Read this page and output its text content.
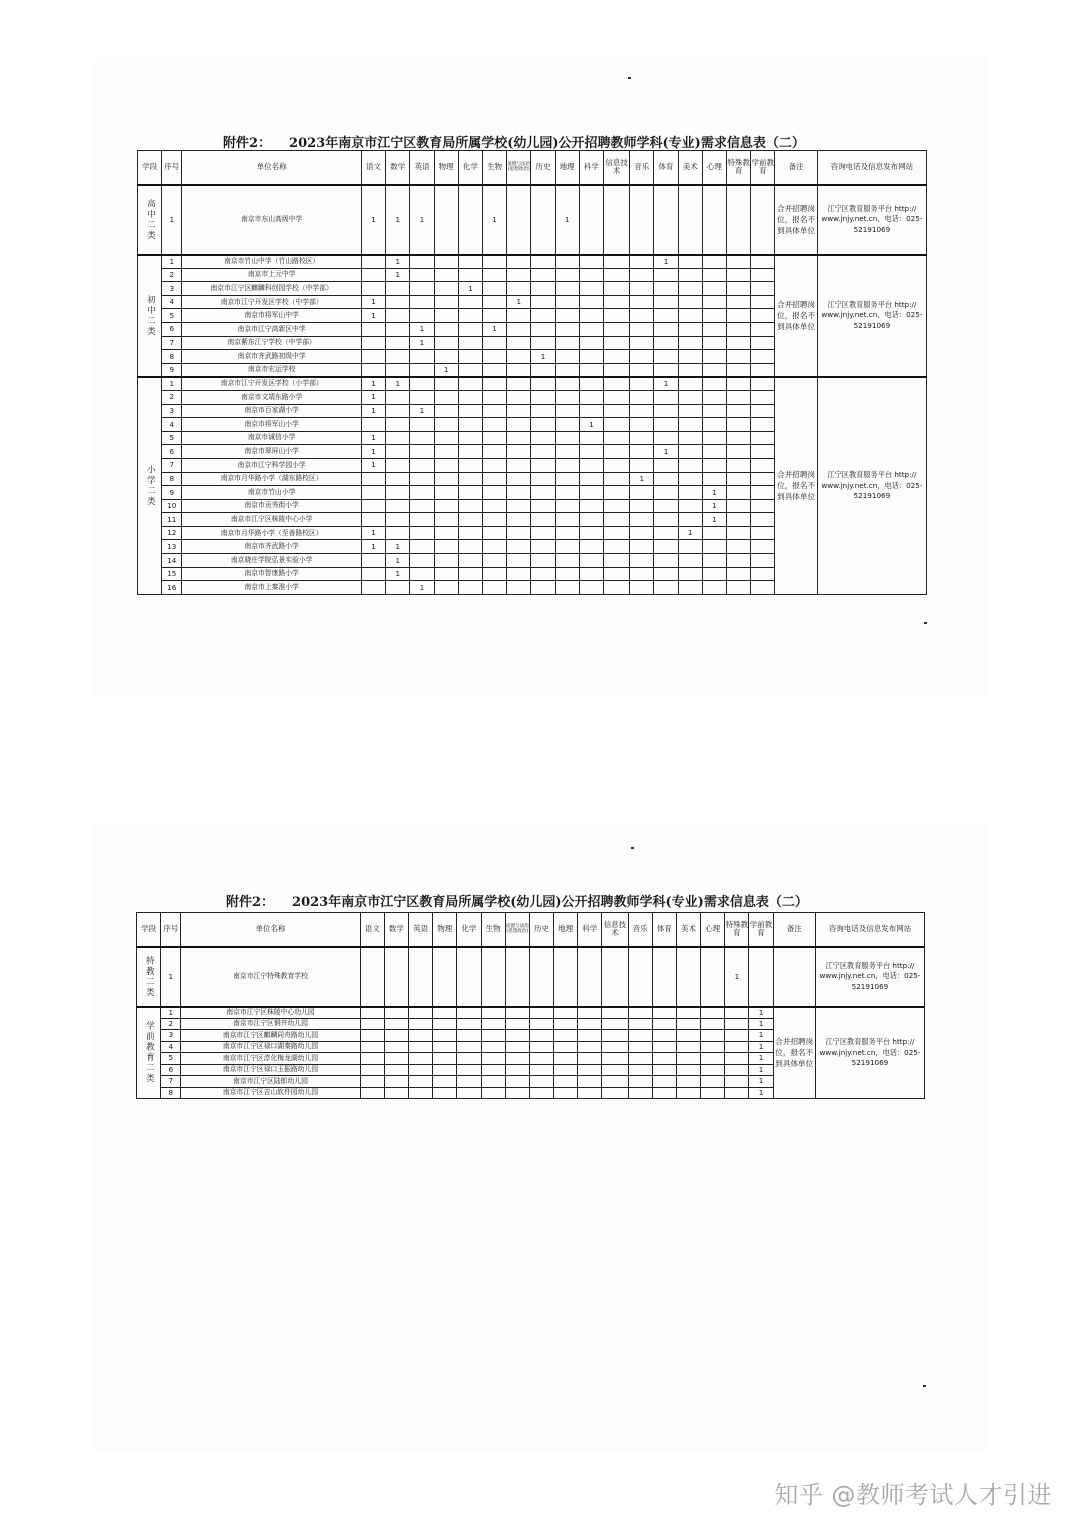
附件2： 2023年南京市江宁区教育局所属学校(幼儿园)公开招聘教师学科(专业)需求信息表（二）
学段	序号	单位名称	语文	数学	英语	物理	化学	生物	道德与法治(思想政治)	历史	地理	科学	信息技术	音乐	体育	美术	心理	特殊教育	学前教育	备注	咨询电话及信息发布网站
高中二类	1	南京市东山高级中学	1	1	1			1			1									合并招聘岗位，报名不到具体单位	江宁区教育服务平台 http:// www.jnjy.net.cn，电话：025-52191069
初中二类	1	南京市竹山中学（竹山路校区）		1											1					合并招聘岗位，报名不到具体单位	江宁区教育服务平台 http:// www.jnjy.net.cn，电话：025-52191069
	2	南京市上元中学		1																	
	3	南京市江宁区麒麟科创园学校（中学部）					1														
	4	南京市江宁开发区学校（中学部）	1						1												
	5	南京市将军山中学	1																		
	6	南京市江宁高新区中学			1			1													
	7	南京紫东江宁学校（中学部）			1																
	8	南京市齐武路初级中学								1											
	9	南京市宏运学校				1															
小学二类	1	南京市江宁开发区学校（小学部）	1	1											1					合并招聘岗位，报名不到具体单位	江宁区教育服务平台 http:// www.jnjy.net.cn，电话：025-52191069
	2	南京市文靖东路小学	1																		
	3	南京市百家湖小学	1		1																
	4	南京市将军山小学										1									
	5	南京市诚信小学	1																		
	6	南京市翠屏山小学	1												1						
	7	南京市江宁科学园小学	1																		
	8	南京市月华路小学（湖东路校区）												1							
	9	南京市竹山小学															1				
	10	南京市贡秀街小学															1				
	11	南京市江宁区秣陵中心小学															1				
	12	南京市月华路小学（至善路校区）	1													1					
	13	南京市齐武路小学	1	1																	
	14	南京晓庄学院弘景实验小学		1																	
	15	南京市智康路小学		1																	
	16	南京市上秦淮小学			1																
附件2： 2023年南京市江宁区教育局所属学校(幼儿园)公开招聘教师学科(专业)需求信息表（二）
学段	序号	单位名称	语文	数学	英语	物理	化学	生物	道德与法治(思想政治)	历史	地理	科学	信息技术	音乐	体育	美术	心理	特殊教育	学前教育	备注	咨询电话及信息发布网站
特教二类	1	南京市江宁特殊教育学校																1			江宁区教育服务平台 http:// www.jnjy.net.cn，电话：025-52191069
学前教育二类	1	南京市江宁区秣陵中心幼儿园																	1	合并招聘岗位，报名不到具体单位	江宁区教育服务平台 http:// www.jnjy.net.cn，电话：025-52191069
	2	南京市江宁区铜井幼儿园																	1		
	3	南京市江宁区麒麟同舟路幼儿园																	1		
	4	南京市江宁区禄口湖秦路幼儿园																	1		
	5	南京市江宁区淳化梅龙湖幼儿园																	1		
	6	南京市江宁区禄口玉振路幼儿园																	1		
	7	南京市江宁区陆郎幼儿园																	1		
	8	南京市江宁区吉山软件园幼儿园																	1		
知乎 @教师考试人才引进
